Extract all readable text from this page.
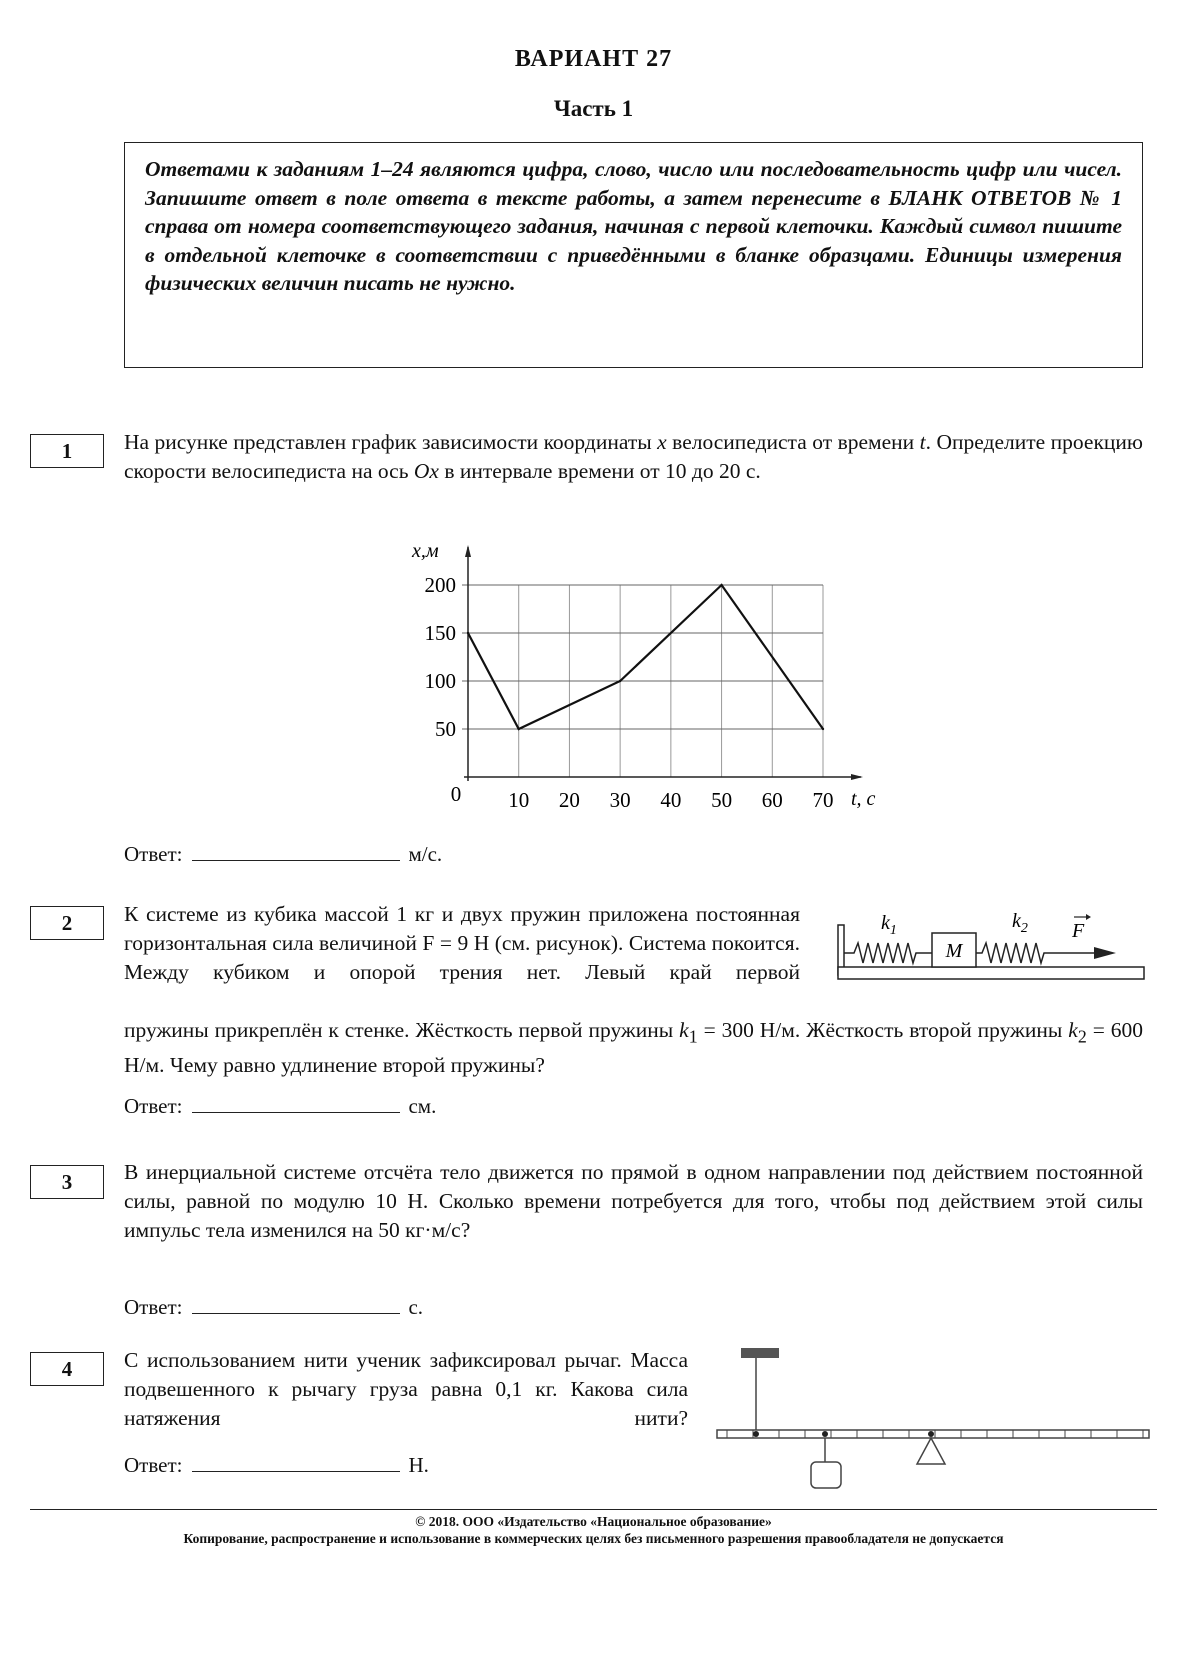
ВАРИАНТ 27
Часть 1
Ответами к заданиям 1–24 являются цифра, слово, число или последовательность цифр или чисел. Запишите ответ в поле ответа в тексте работы, а затем перенесите в БЛАНК ОТВЕТОВ № 1 справа от номера соответствующего задания, начиная с первой клеточки. Каждый символ пишите в отдельной клеточке в соответствии с приведёнными в бланке образцами. Единицы измерения физических величин писать не нужно.
1	На рисунке представлен график зависимости координаты x велосипедиста от времени t. Определите проекцию скорости велосипедиста на ось Ox в интервале времени от 10 до 20 с.
50
100
150
200
10 20 30 40 50 60 70
0
x,м
t, с
Ответ:	м/с.
2	К системе из кубика массой 1 кг и двух пружин приложена постоянная горизонтальная сила величиной F = 9 Н (см. рисунок). Система покоится. Между кубиком и опорой трения нет. Левый край первой
пружины прикреплён к стенке. Жёсткость первой пружины $k_1 = 300$ Н/м. Жёсткость второй пружины $k_2 = 600$ Н/м. Чему равно удлинение второй пружины?
M
$k_1$	$k_2$ F
Ответ:	см.
3	В инерциальной системе отсчёта тело движется по прямой в одном направлении под действием постоянной силы, равной по модулю 10 Н. Сколько времени потребуется для того, чтобы под действием этой силы импульс тела изменился на 50 кг·м/с?
Ответ:	с.
4	С использованием нити ученик зафиксировал рычаг. Масса подвешенного к рычагу груза равна 0,1 кг. Какова сила натяжения нити?
Ответ:	Н.
© 2018. ООО «Издательство «Национальное образование»
Копирование, распространение и использование в коммерческих целях без письменного разрешения правообладателя не допускается
